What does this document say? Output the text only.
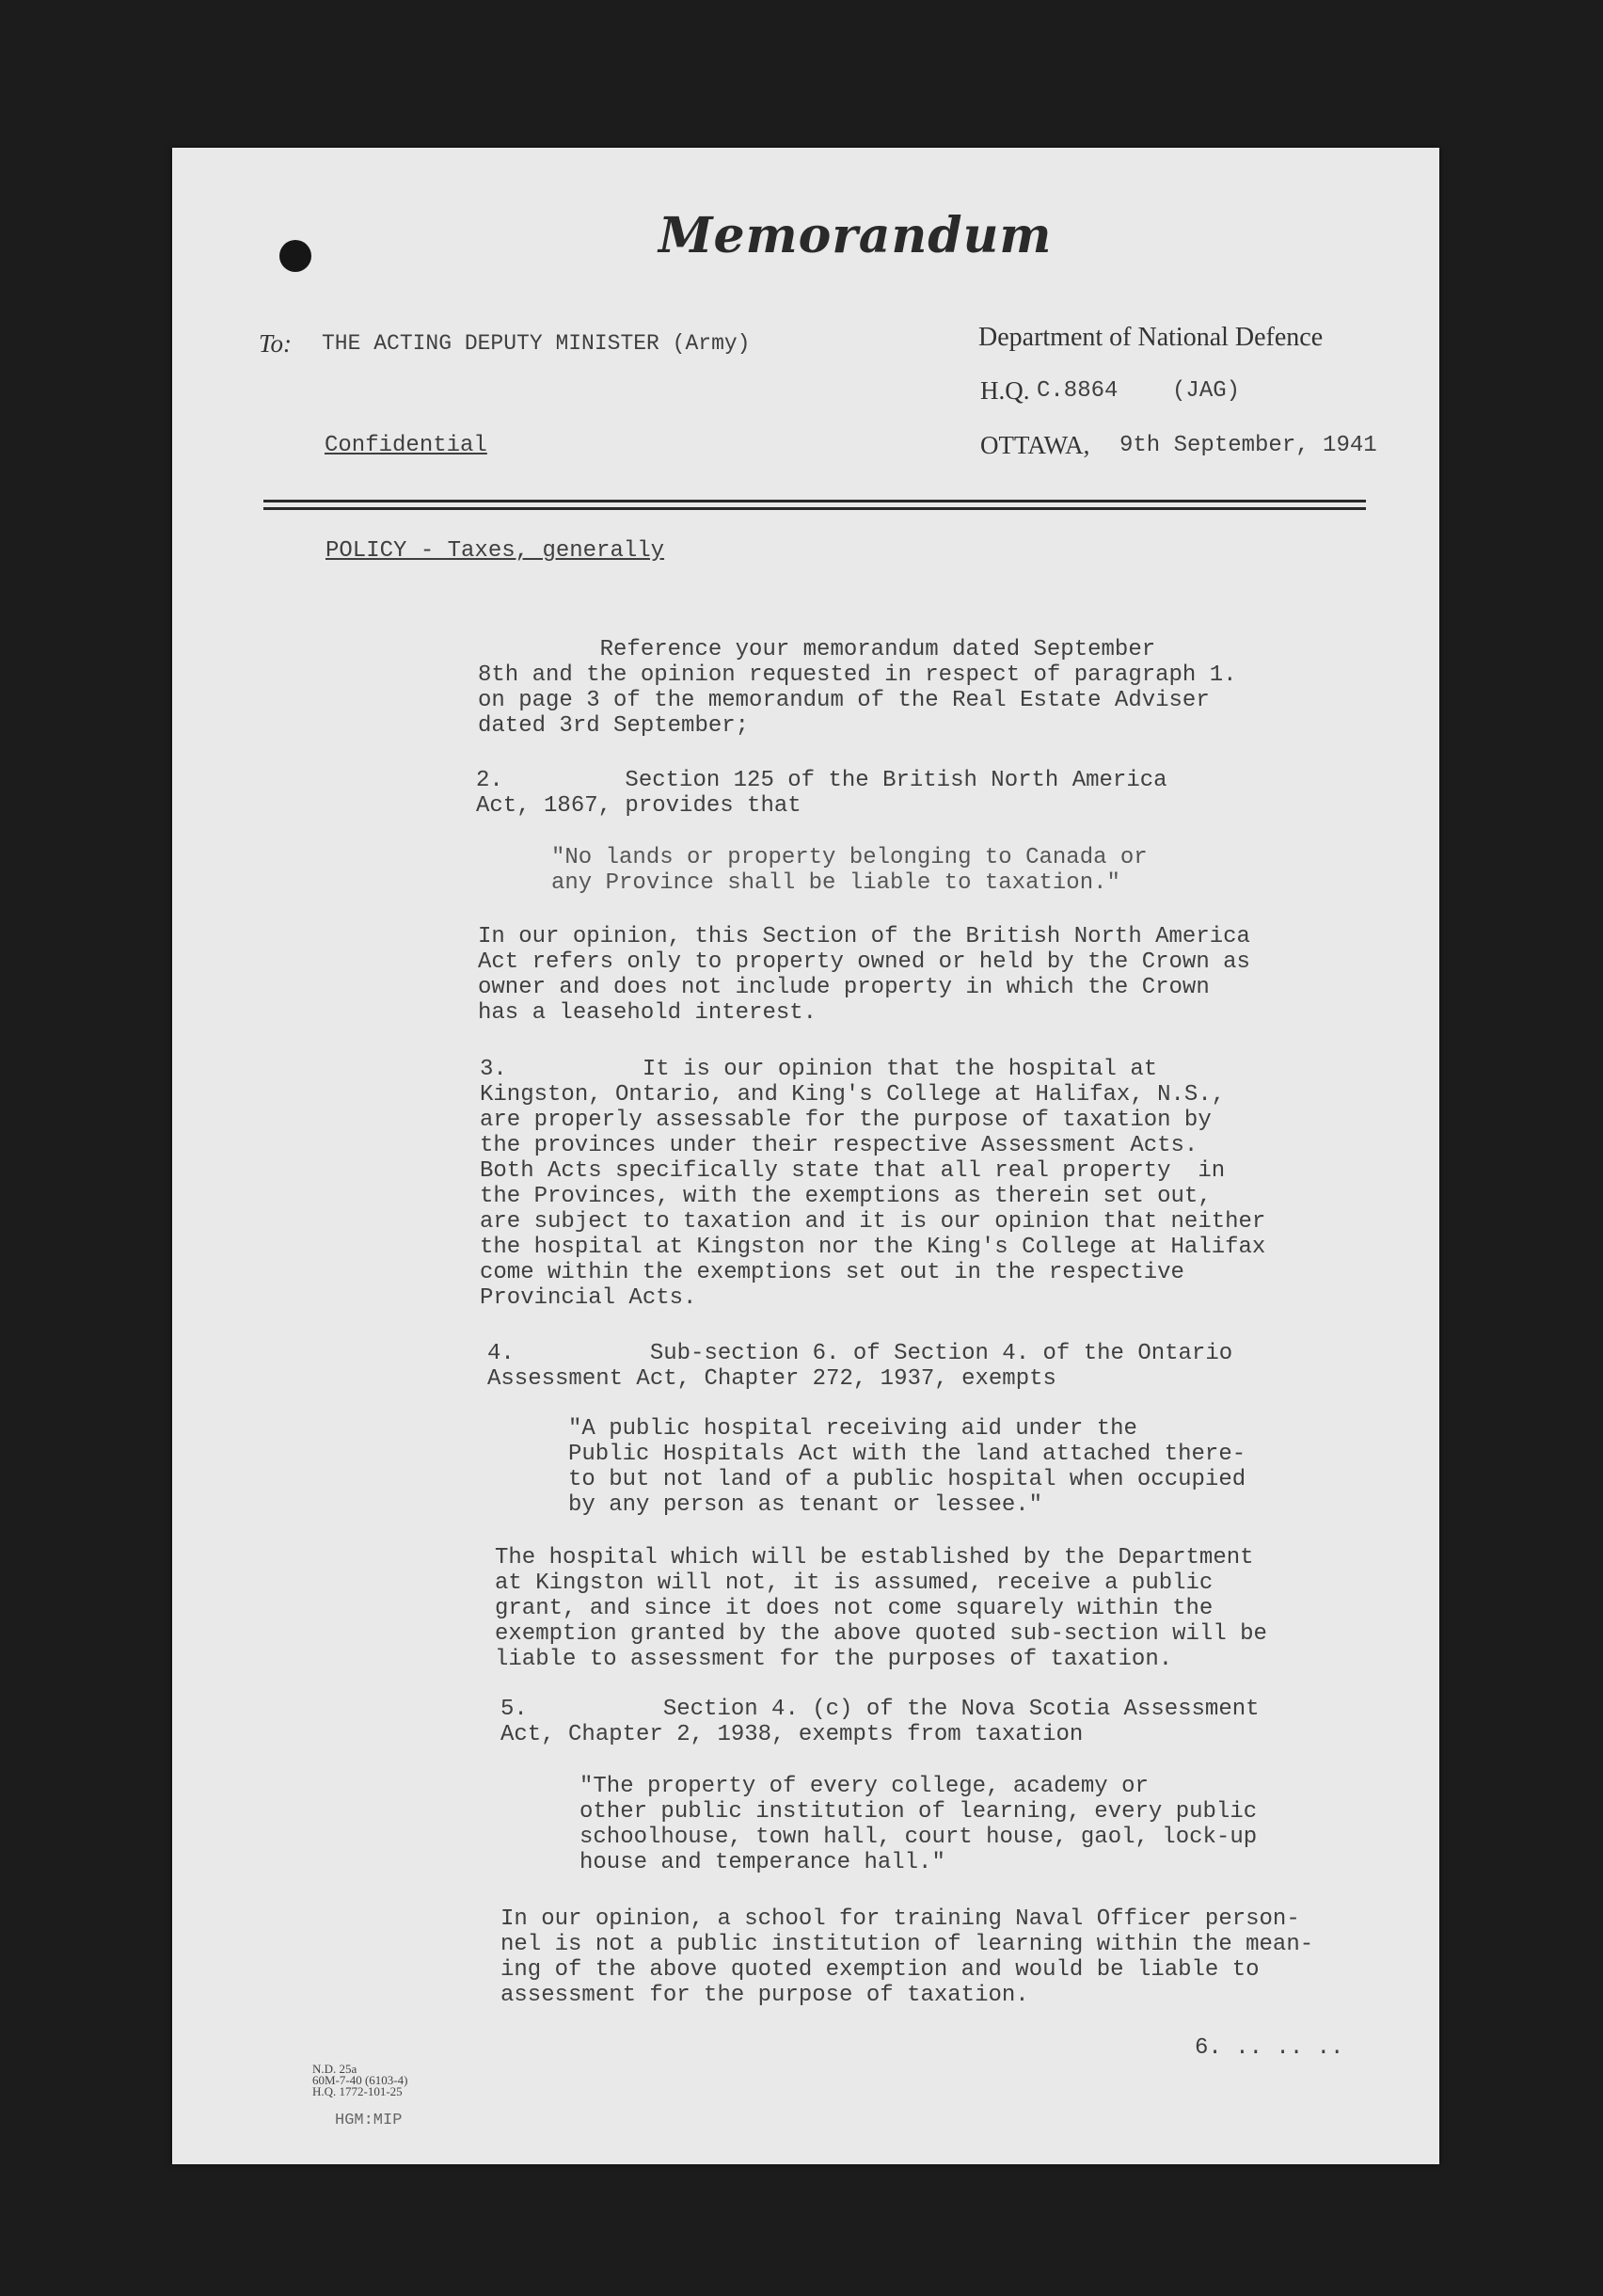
Memorandum
To: THE ACTING DEPUTY MINISTER (Army)	Department of National Defence
H.Q. C.8864    (JAG)
Confidential	OTTAWA, 9th September, 1941
POLICY - Taxes, generally
Reference your memorandum dated September
8th and the opinion requested in respect of paragraph 1.
on page 3 of the memorandum of the Real Estate Adviser
dated 3rd September;
2.         Section 125 of the British North America
Act, 1867, provides that
"No lands or property belonging to Canada or
any Province shall be liable to taxation."
In our opinion, this Section of the British North America
Act refers only to property owned or held by the Crown as
owner and does not include property in which the Crown
has a leasehold interest.
3.          It is our opinion that the hospital at
Kingston, Ontario, and King's College at Halifax, N.S.,
are properly assessable for the purpose of taxation by
the provinces under their respective Assessment Acts.
Both Acts specifically state that all real property  in
the Provinces, with the exemptions as therein set out,
are subject to taxation and it is our opinion that neither
the hospital at Kingston nor the King's College at Halifax
come within the exemptions set out in the respective
Provincial Acts.
4.          Sub-section 6. of Section 4. of the Ontario
Assessment Act, Chapter 272, 1937, exempts
"A public hospital receiving aid under the
Public Hospitals Act with the land attached there-
to but not land of a public hospital when occupied
by any person as tenant or lessee."
The hospital which will be established by the Department
at Kingston will not, it is assumed, receive a public
grant, and since it does not come squarely within the
exemption granted by the above quoted sub-section will be
liable to assessment for the purposes of taxation.
5.          Section 4. (c) of the Nova Scotia Assessment
Act, Chapter 2, 1938, exempts from taxation
"The property of every college, academy or
other public institution of learning, every public
schoolhouse, town hall, court house, gaol, lock-up
house and temperance hall."
In our opinion, a school for training Naval Officer person-
nel is not a public institution of learning within the mean-
ing of the above quoted exemption and would be liable to
assessment for the purpose of taxation.
6. .. .. ..
N.D. 25a
60M-7-40 (6103-4)
H.Q. 1772-101-25
HGM:MIP
